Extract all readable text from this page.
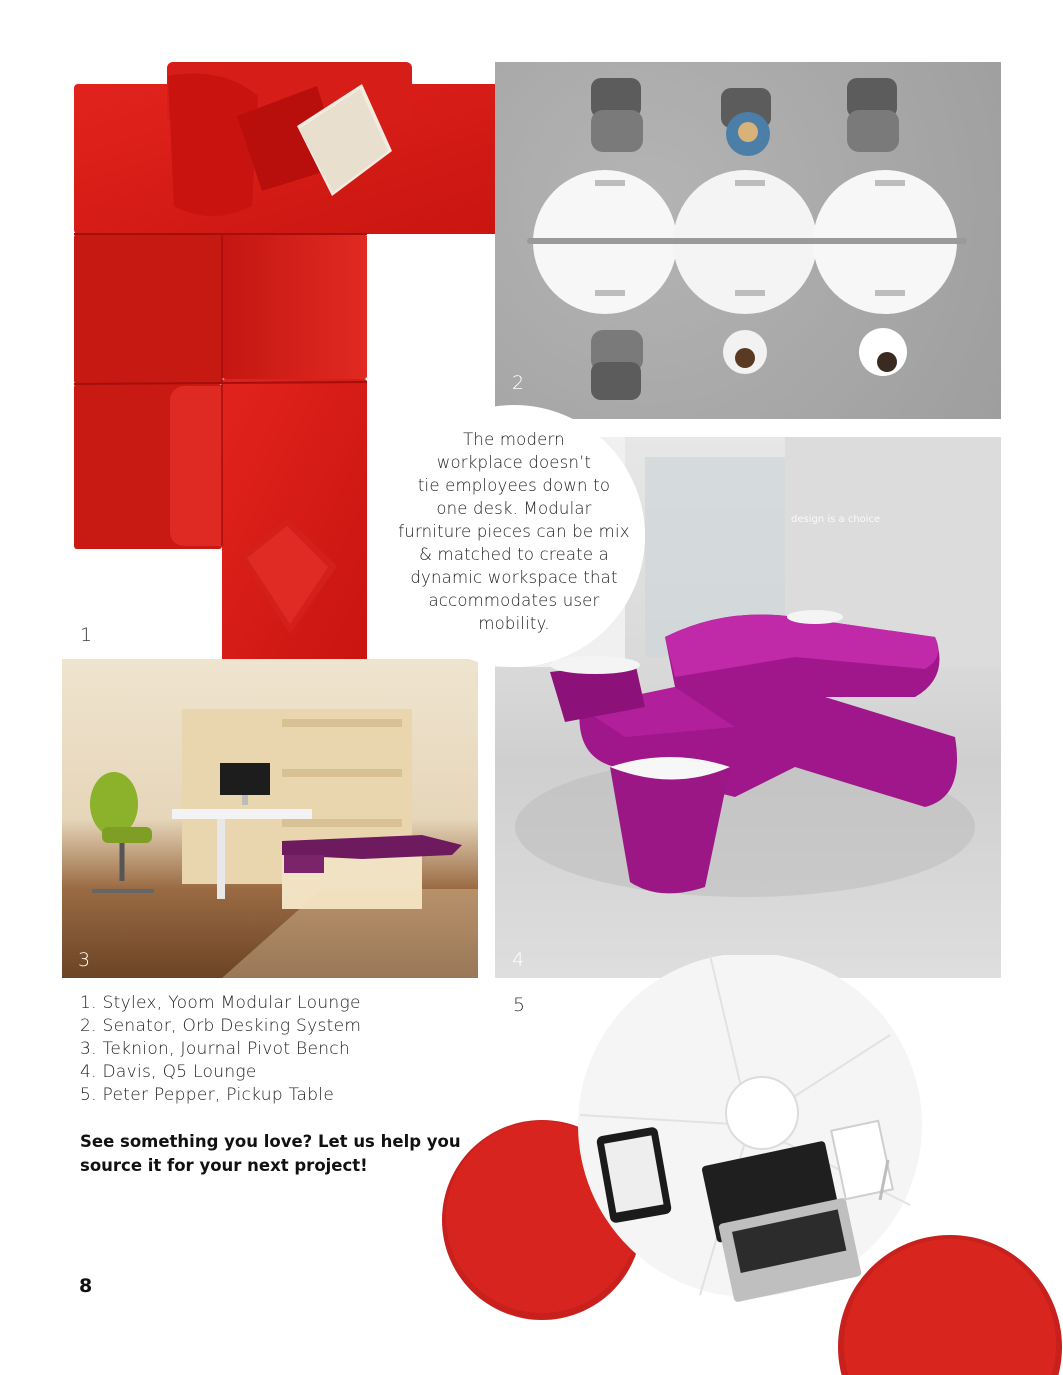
1
2
design is a choice
4
3
The modern
workplace doesn’t
tie employees down to
one desk. Modular
furniture pieces can be mix
& matched to create a
dynamic workspace that
accommodates user
mobility.
5
1. Stylex, Yoom Modular Lounge
2. Senator, Orb Desking System
3. Teknion, Journal Pivot Bench
4. Davis, Q5 Lounge
5. Peter Pepper, Pickup Table
See something you love? Let us help you
source it for your next project!
8
